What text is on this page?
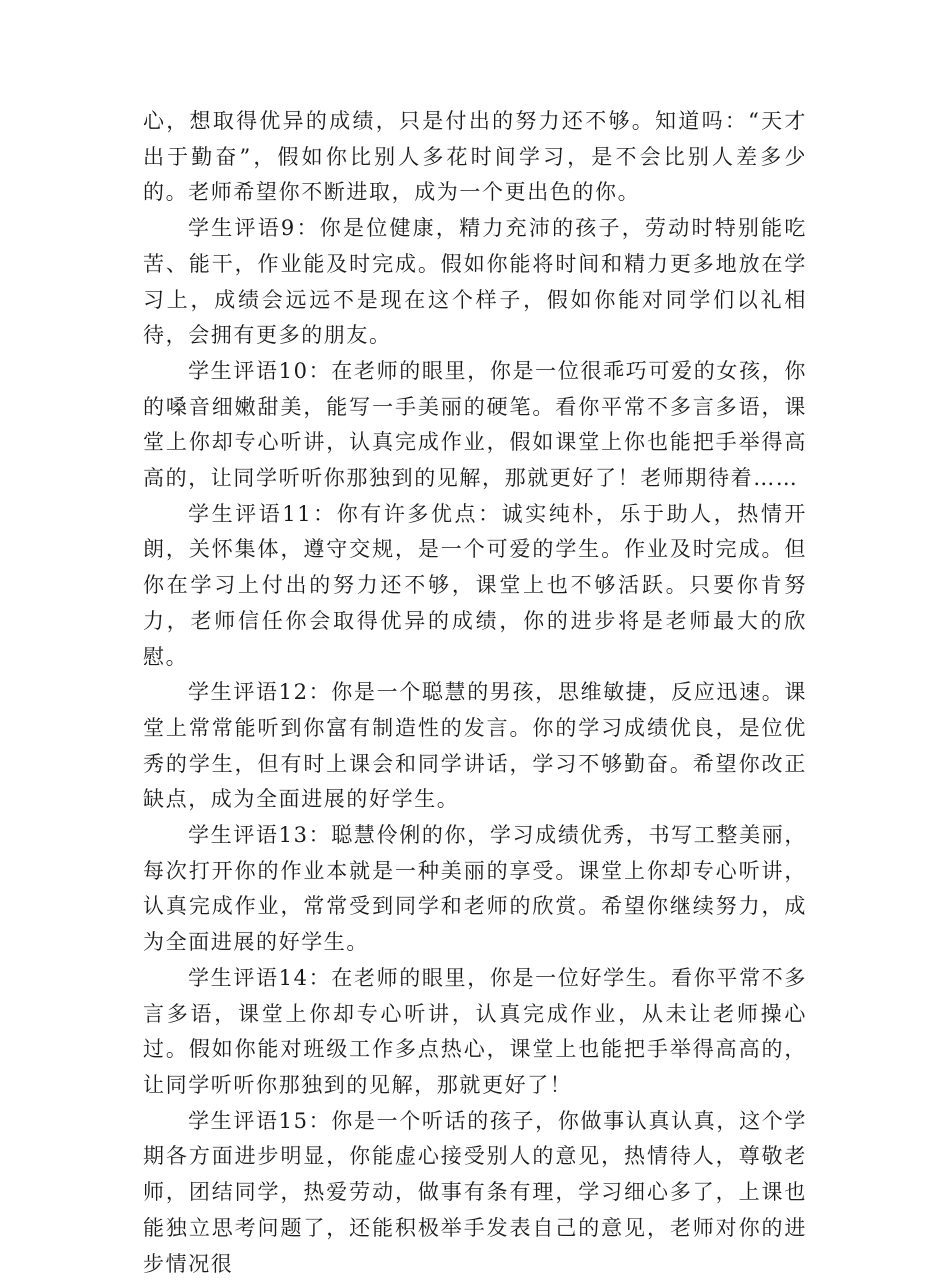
心，想取得优异的成绩，只是付出的努力还不够。知道吗：“天才出于勤奋”，假如你比别人多花时间学习，是不会比别人差多少的。老师希望你不断进取，成为一个更出色的你。

学生评语9：你是位健康，精力充沛的孩子，劳动时特别能吃苦、能干，作业能及时完成。假如你能将时间和精力更多地放在学习上，成绩会远远不是现在这个样子，假如你能对同学们以礼相待，会拥有更多的朋友。

学生评语10：在老师的眼里，你是一位很乖巧可爱的女孩，你的嗓音细嫩甜美，能写一手美丽的硬笔。看你平常不多言多语，课堂上你却专心听讲，认真完成作业，假如课堂上你也能把手举得高高的，让同学听听你那独到的见解，那就更好了！老师期待着……

学生评语11：你有许多优点：诚实纯朴，乐于助人，热情开朗，关怀集体，遵守交规，是一个可爱的学生。作业及时完成。但你在学习上付出的努力还不够，课堂上也不够活跃。只要你肯努力，老师信任你会取得优异的成绩，你的进步将是老师最大的欣慰。

学生评语12：你是一个聪慧的男孩，思维敏捷，反应迅速。课堂上常常能听到你富有制造性的发言。你的学习成绩优良，是位优秀的学生，但有时上课会和同学讲话，学习不够勤奋。希望你改正缺点，成为全面进展的好学生。

学生评语13：聪慧伶俐的你，学习成绩优秀，书写工整美丽，每次打开你的作业本就是一种美丽的享受。课堂上你却专心听讲，认真完成作业，常常受到同学和老师的欣赏。希望你继续努力，成为全面进展的好学生。

学生评语14：在老师的眼里，你是一位好学生。看你平常不多言多语，课堂上你却专心听讲，认真完成作业，从未让老师操心过。假如你能对班级工作多点热心，课堂上也能把手举得高高的，让同学听听你那独到的见解，那就更好了！

学生评语15：你是一个听话的孩子，你做事认真认真，这个学期各方面进步明显，你能虚心接受别人的意见，热情待人，尊敬老师，团结同学，热爱劳动，做事有条有理，学习细心多了，上课也能独立思考问题了，还能积极举手发表自己的意见，老师对你的进步情况很
